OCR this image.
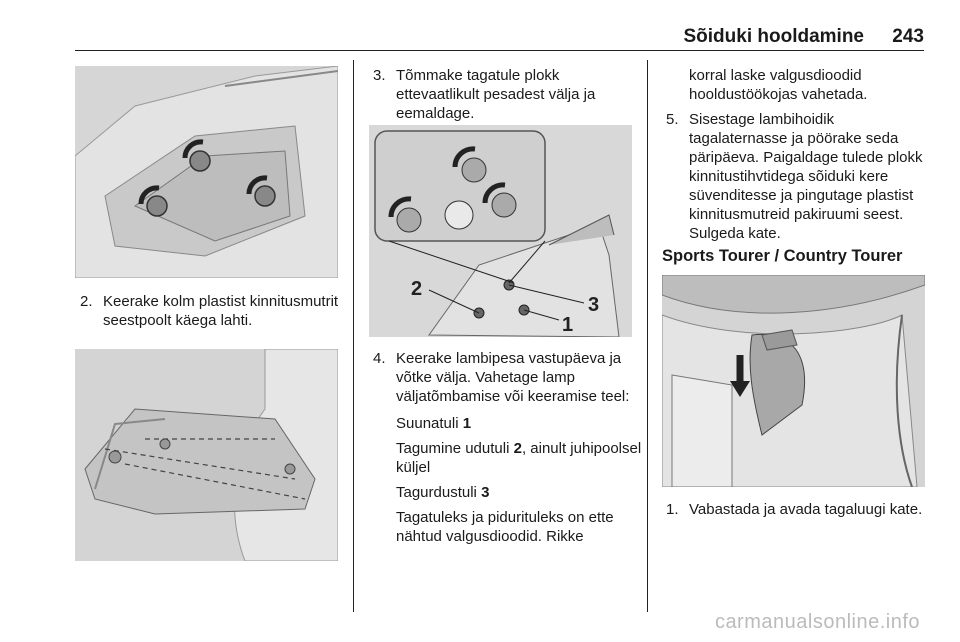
Sõiduki hooldamine 243
2. Keerake kolm plastist kinnitusmutrit seestpoolt käega lahti.
3. Tõmmake tagatule plokk ettevaatlikult pesadest välja ja eemaldage.
2
3
1
4. Keerake lambipesa vastupäeva ja võtke välja. Vahetage lamp väljatõmbamise või keeramise teel:
Suunatuli 1
Tagumine udutuli 2, ainult juhipoolsel küljel
Tagurdustuli 3
Tagatuleks ja pidurituleks on ette nähtud valgusdioodid. Rikke
korral laske valgusdioodid hooldustöökojas vahetada.
5. Sisestage lambihoidik tagalaternasse ja pöörake seda päripäeva. Paigaldage tulede plokk kinnitustihvtidega sõiduki kere süvenditesse ja pingutage plastist kinnitusmutreid pakiruumi seest. Sulgeda kate.
Sports Tourer / Country Tourer
1. Vabastada ja avada tagaluugi kate.
carmanualsonline.info
